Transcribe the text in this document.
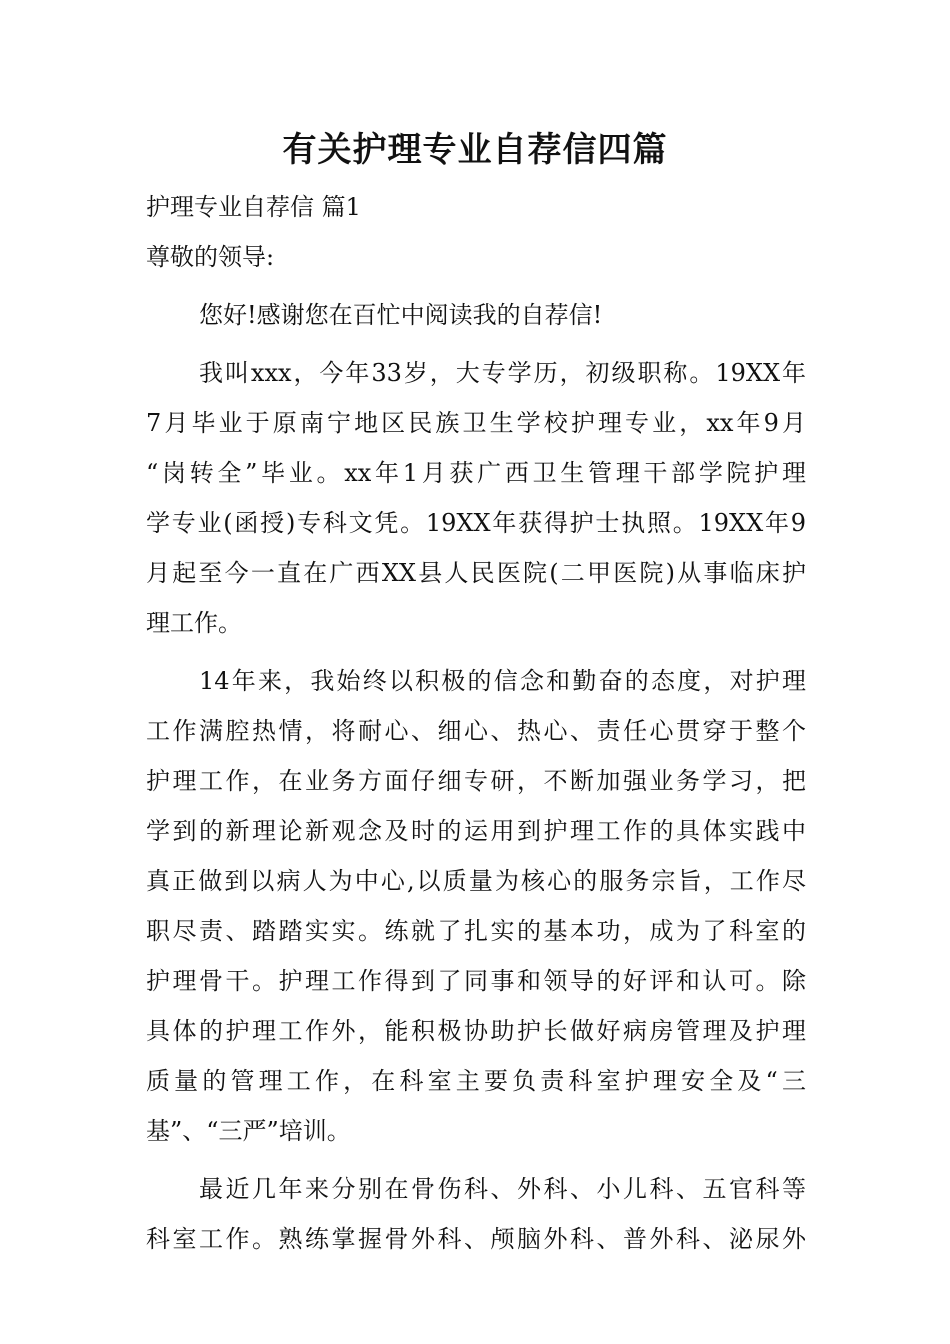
有关护理专业自荐信四篇
护理专业自荐信 篇1
尊敬的领导:
您好!感谢您在百忙中阅读我的自荐信!
我叫xxx，今年33岁，大专学历，初级职称。19XX年
7月毕业于原南宁地区民族卫生学校护理专业，xx年9月
“岗转全”毕业。xx年1月获广西卫生管理干部学院护理
学专业(函授)专科文凭。19XX年获得护士执照。19XX年9
月起至今一直在广西XX县人民医院(二甲医院)从事临床护
理工作。
14年来，我始终以积极的信念和勤奋的态度，对护理
工作满腔热情，将耐心、细心、热心、责任心贯穿于整个
护理工作，在业务方面仔细专研，不断加强业务学习，把
学到的新理论新观念及时的运用到护理工作的具体实践中
真正做到以病人为中心,以质量为核心的服务宗旨，工作尽
职尽责、踏踏实实。练就了扎实的基本功，成为了科室的
护理骨干。护理工作得到了同事和领导的好评和认可。除
具体的护理工作外，能积极协助护长做好病房管理及护理
质量的管理工作，在科室主要负责科室护理安全及“三
基”、“三严”培训。
最近几年来分别在骨伤科、外科、小儿科、五官科等
科室工作。熟练掌握骨外科、颅脑外科、普外科、泌尿外
